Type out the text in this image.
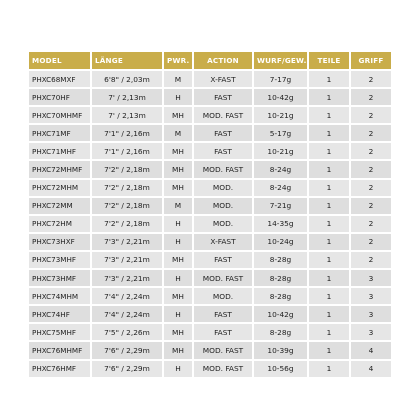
MODEL	LÄNGE	PWR.	ACTION	WURF/GEW.	TEILE	GRIFF
PHXC68MXF	6'8" / 2,03m	M	X-FAST	7-17g	1	2
PHXC70HF	7' / 2,13m	H	FAST	10-42g	1	2
PHXC70MHMF	7' / 2,13m	MH	MOD. FAST	10-21g	1	2
PHXC71MF	7'1" / 2,16m	M	FAST	5-17g	1	2
PHXC71MHF	7'1" / 2,16m	MH	FAST	10-21g	1	2
PHXC72MHMF	7'2" / 2,18m	MH	MOD. FAST	8-24g	1	2
PHXC72MHM	7'2" / 2,18m	MH	MOD.	8-24g	1	2
PHXC72MM	7'2" / 2,18m	M	MOD.	7-21g	1	2
PHXC72HM	7'2" / 2,18m	H	MOD.	14-35g	1	2
PHXC73HXF	7'3" / 2,21m	H	X-FAST	10-24g	1	2
PHXC73MHF	7'3" / 2,21m	MH	FAST	8-28g	1	2
PHXC73HMF	7'3" / 2,21m	H	MOD. FAST	8-28g	1	3
PHXC74MHM	7'4" / 2,24m	MH	MOD.	8-28g	1	3
PHXC74HF	7'4" / 2,24m	H	FAST	10-42g	1	3
PHXC75MHF	7'5" / 2,26m	MH	FAST	8-28g	1	3
PHXC76MHMF	7'6" / 2,29m	MH	MOD. FAST	10-39g	1	4
PHXC76HMF	7'6" / 2,29m	H	MOD. FAST	10-56g	1	4
